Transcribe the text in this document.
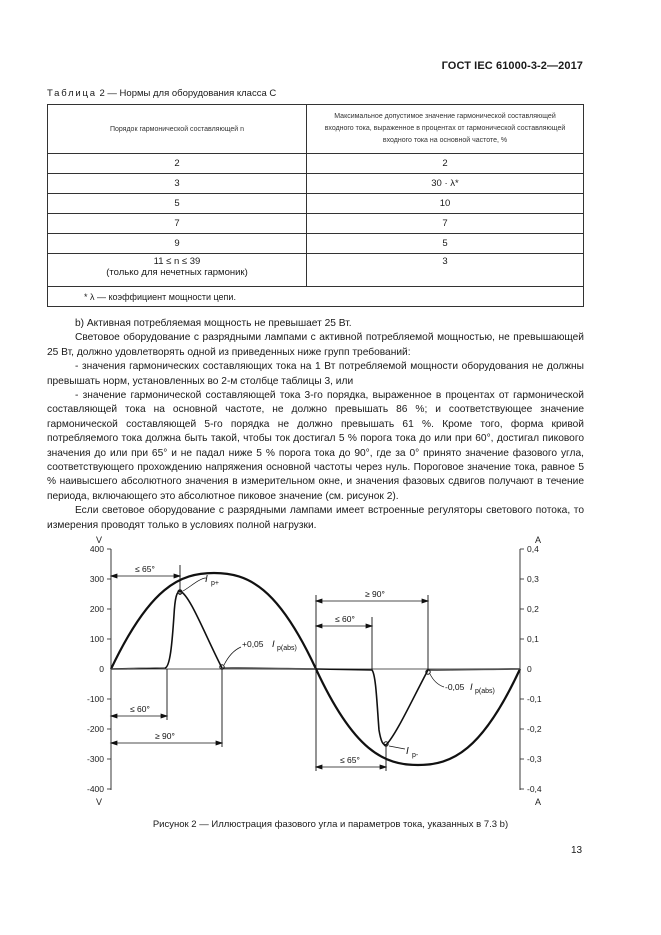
ГОСТ IEC 61000-3-2—2017
Таблица 2 — Нормы для оборудования класса С
Порядок гармонической составляющей n	Максимальное допустимое значение гармонической составляющей входного тока, выраженное в процентах от гармонической составляющей входного тока на основной частоте, %
2	2
3	30 · λ*
5	10
7	7
9	5
11 ≤ n ≤ 39
(только для нечетных гармоник)	3
* λ — коэффициент мощности цепи.	

b) Активная потребляемая мощность не превышает 25 Вт.

Световое оборудование с разрядными лампами с активной потребляемой мощностью, не превышающей 25 Вт, должно удовлетворять одной из приведенных ниже групп требований:

- значения гармонических составляющих тока на 1 Вт потребляемой мощности оборудования не должны превышать норм, установленных во 2-м столбце таблицы 3, или

- значение гармонической составляющей тока 3-го порядка, выраженное в процентах от гармонической составляющей тока на основной частоте, не должно превышать 86 %; и соответствующее значение гармонической составляющей 5-го порядка не должно превышать 61 %. Кроме того, форма кривой потребляемого тока должна быть такой, чтобы ток достигал 5 % порога тока до или при 60°, достигал пикового значения до или при 65° и не падал ниже 5 % порога тока до 90°, где за 0° принято значение фазового угла, соответствующего прохождению напряжения основной частоты через нуль. Пороговое значение тока, равное 5 % наивысшего абсолютного значения в измерительном окне, и значения фазовых сдвигов получают в течение периода, включающего это абсолютное пиковое значение (см. рисунок 2).

Если световое оборудование с разрядными лампами имеет встроенные регуляторы светового потока, то измерения проводят только в условиях полной нагрузки.

400
300
200
100
0
-100
-200
-300
-400
V
V
0,4
0,3
0,2
0,1
0
-0,1
-0,2
-0,3
-0,4
A
A
≤ 65°
≤ 60°
≥ 90°
≥ 90°
≤ 60°
≤ 65°
I p+
+0,05 I p(abs)
-0,05 I p(abs)
I p-
Рисунок 2 — Иллюстрация фазового угла и параметров тока, указанных в 7.3 b)
13
